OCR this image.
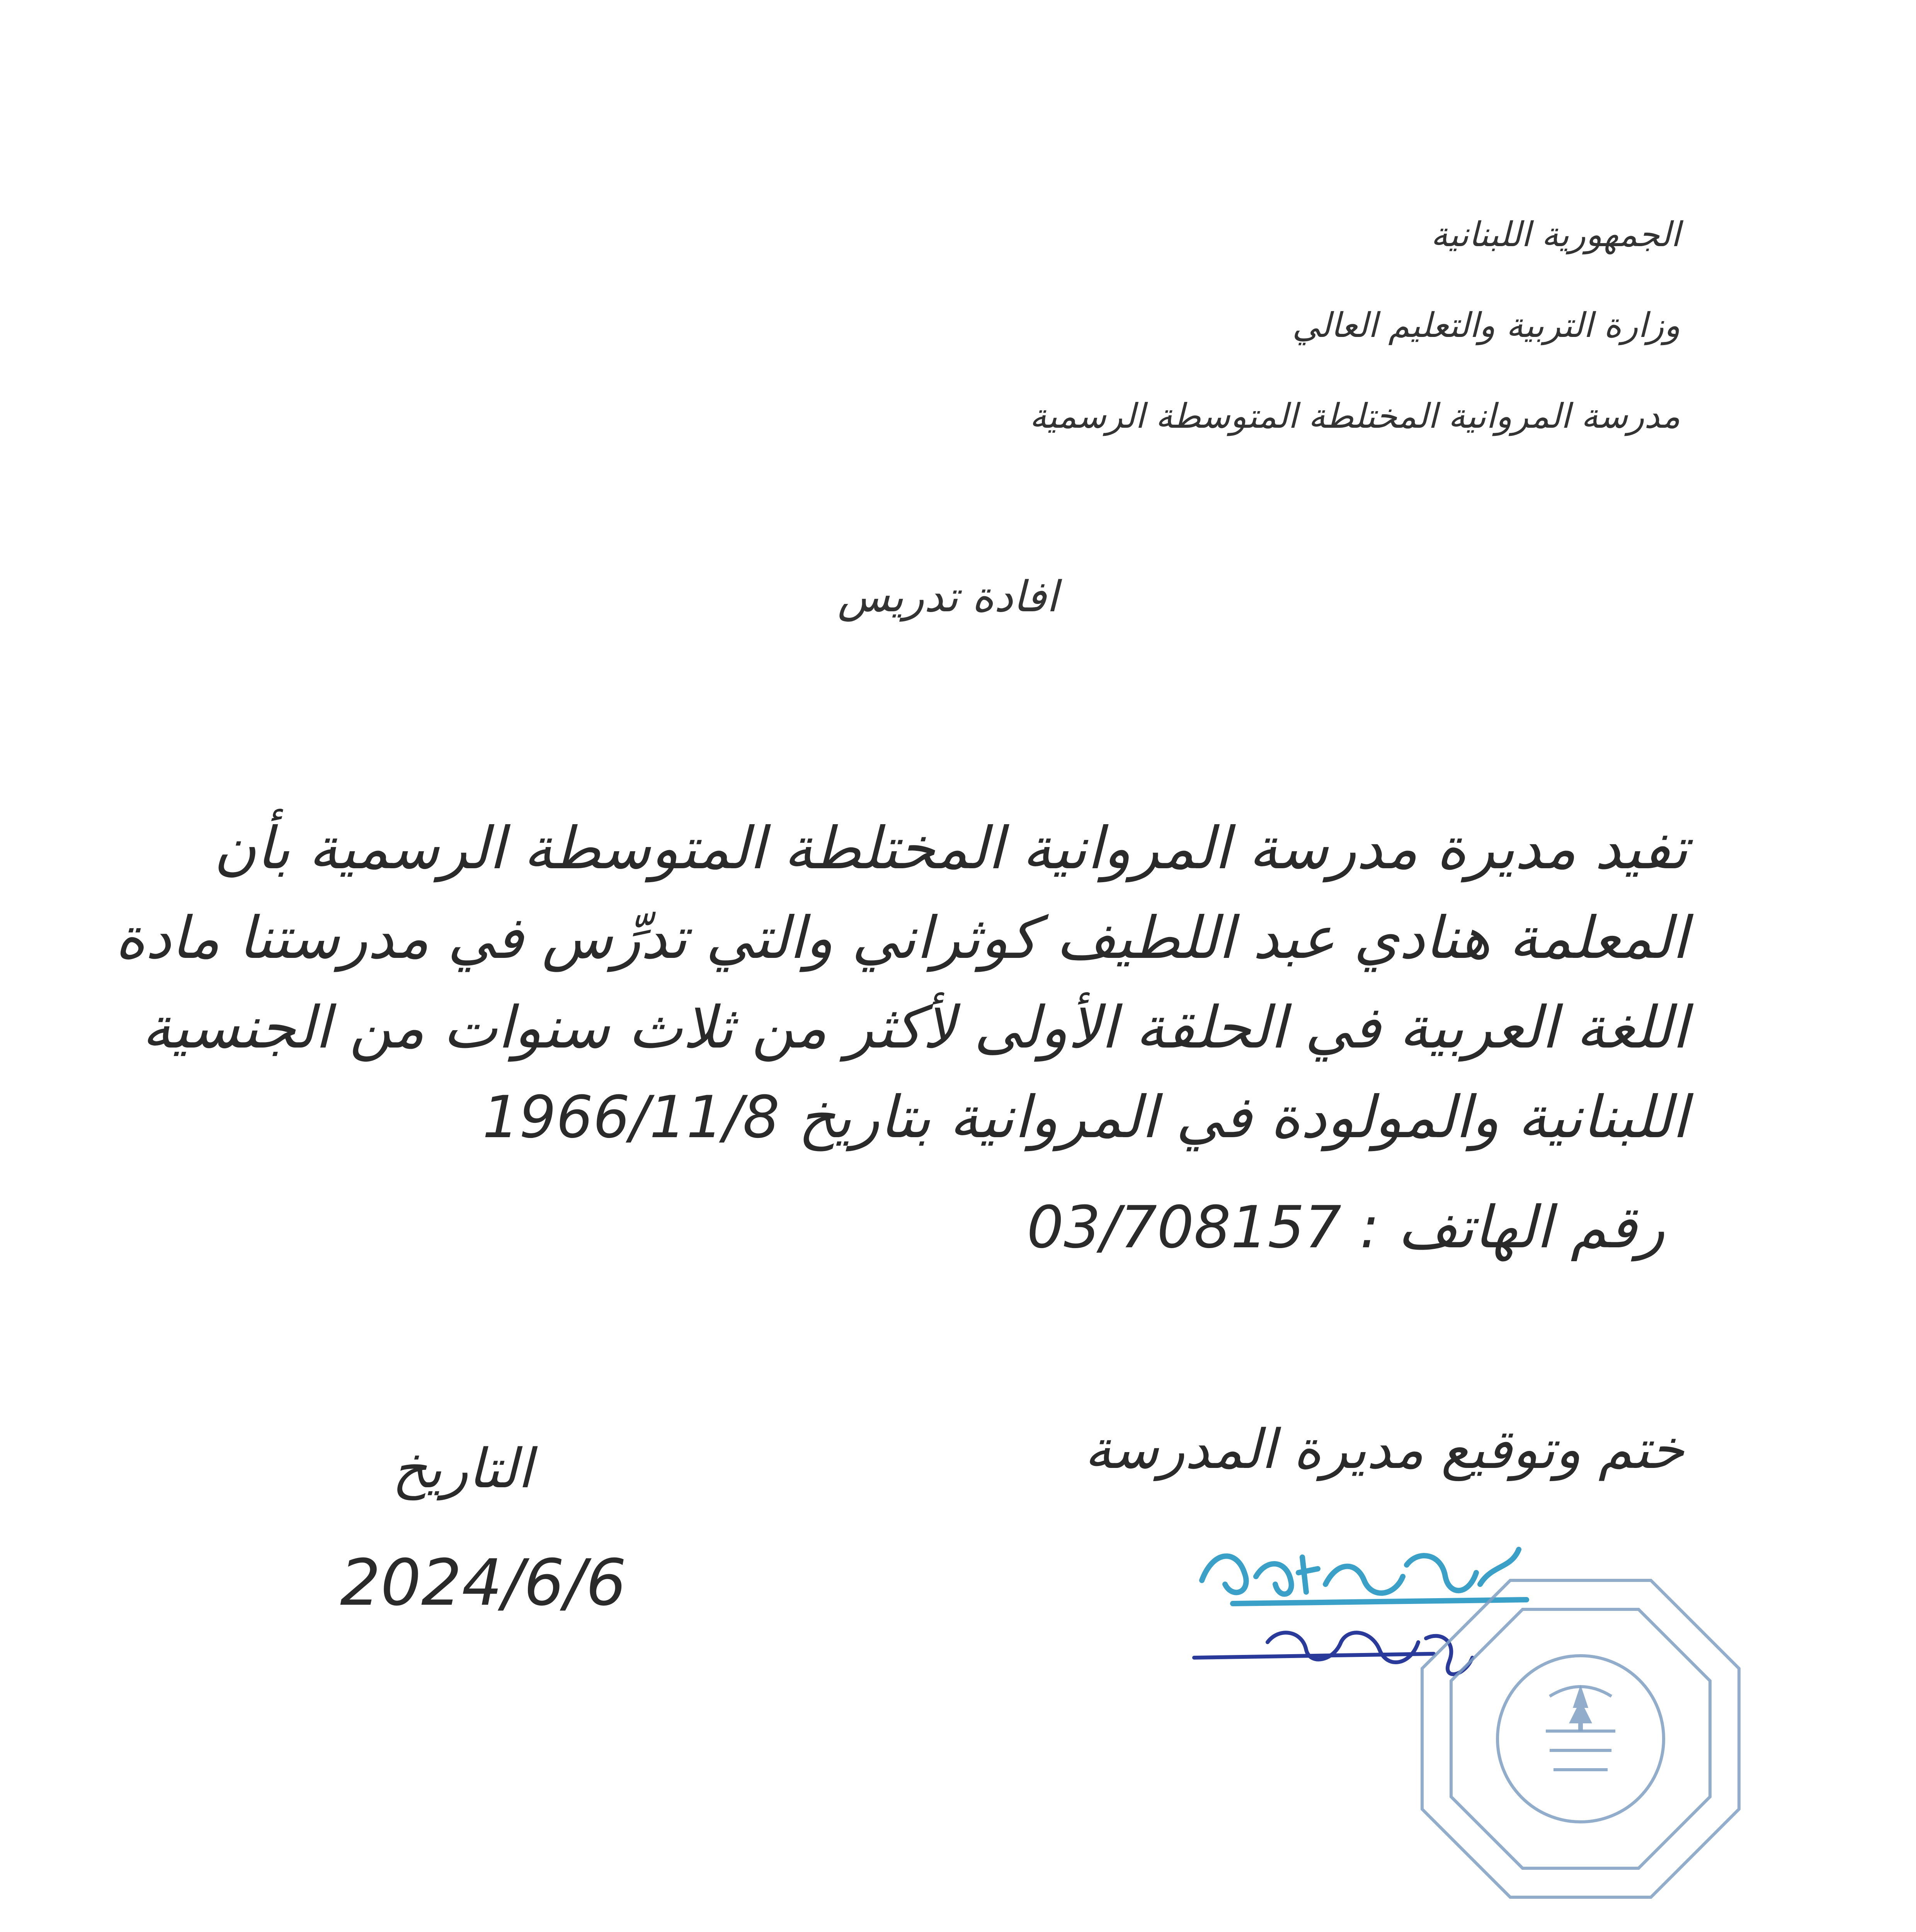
الجمهورية اللبنانية
وزارة التربية والتعليم العالي
مدرسة المروانية المختلطة المتوسطة الرسمية
افادة تدريس
تفيد مديرة مدرسة المروانية المختلطة المتوسطة الرسمية بأن
المعلمة هنادي عبد اللطيف كوثراني والتي تدرِّس في مدرستنا مادة
اللغة العربية في الحلقة الأولى لأكثر من ثلاث سنوات من الجنسية
اللبنانية والمولودة في المروانية بتاريخ 1966/11/8
رقم الهاتف : 03/708157
ختم وتوقيع مديرة المدرسة
التاريخ
2024/6/6
